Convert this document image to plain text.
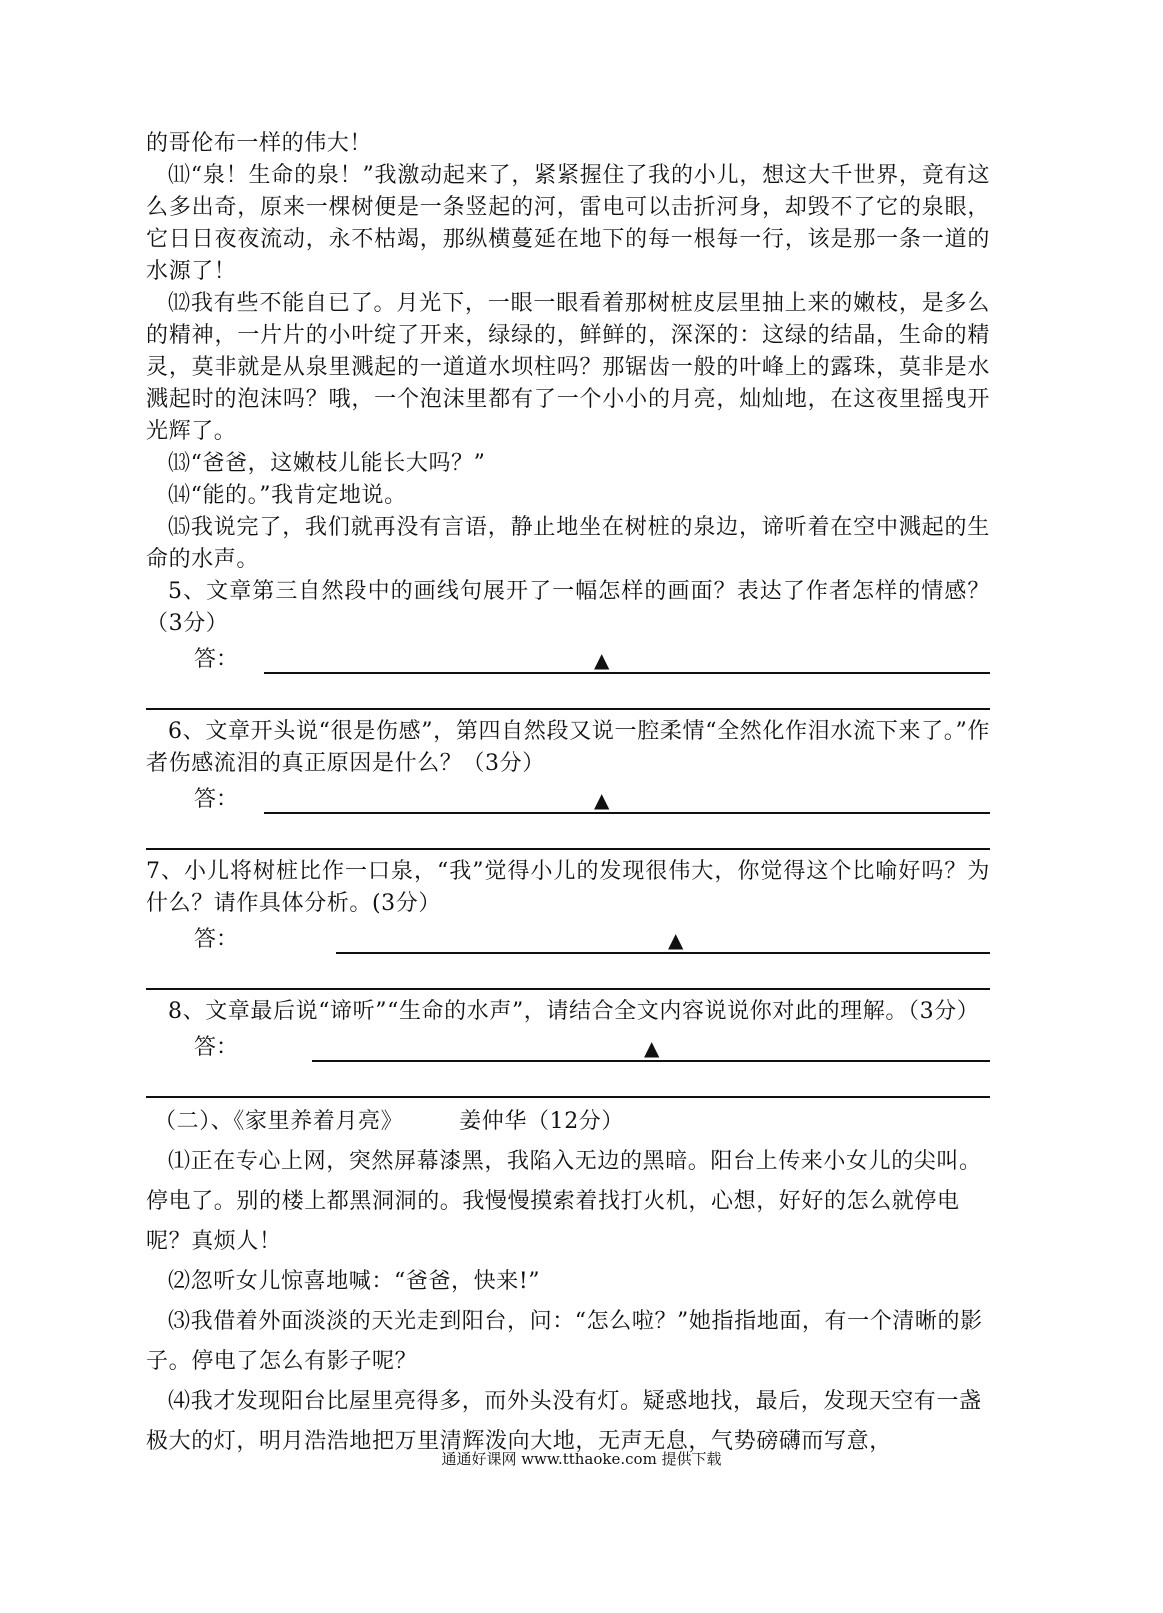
的哥伦布一样的伟大！

⑾“泉！生命的泉！”我激动起来了，紧紧握住了我的小儿，想这大千世界，竟有这么多出奇，原来一棵树便是一条竖起的河，雷电可以击折河身，却毁不了它的泉眼，它日日夜夜流动，永不枯竭，那纵横蔓延在地下的每一根每一行，该是那一条一道的水源了！

⑿我有些不能自已了。月光下，一眼一眼看着那树桩皮层里抽上来的嫩枝，是多么的精神，一片片的小叶绽了开来，绿绿的，鲜鲜的，深深的：这绿的结晶，生命的精灵，莫非就是从泉里溅起的一道道水坝柱吗？那锯齿一般的叶峰上的露珠，莫非是水溅起时的泡沫吗？哦，一个泡沫里都有了一个小小的月亮，灿灿地，在这夜里摇曳开光辉了。

⒀“爸爸，这嫩枝儿能长大吗？”

⒁“能的。”我肯定地说。

⒂我说完了，我们就再没有言语，静止地坐在树桩的泉边，谛听着在空中溅起的生命的水声。

5、文章第三自然段中的画线句展开了一幅怎样的画面？表达了作者怎样的情感？（3分）

答：	▲

6、文章开头说“很是伤感”，第四自然段又说一腔柔情“全然化作泪水流下来了。”作者伤感流泪的真正原因是什么？（3分）

答：	▲

7、小儿将树桩比作一口泉，“我”觉得小儿的发现很伟大，你觉得这个比喻好吗？为什么？请作具体分析。(3分）

答：	▲

8、文章最后说“谛听”“生命的水声”，请结合全文内容说说你对此的理解。（3分）

答：	▲

（二）、《家里养着月亮》	姜仲华（12分）

⑴正在专心上网，突然屏幕漆黑，我陷入无边的黑暗。阳台上传来小女儿的尖叫。停电了。别的楼上都黑洞洞的。我慢慢摸索着找打火机，心想，好好的怎么就停电呢？真烦人！

⑵忽听女儿惊喜地喊：“爸爸，快来!”

⑶我借着外面淡淡的天光走到阳台，问：“怎么啦？”她指指地面，有一个清晰的影子。停电了怎么有影子呢？

⑷我才发现阳台比屋里亮得多，而外头没有灯。疑惑地找，最后，发现天空有一盏极大的灯，明月浩浩地把万里清辉泼向大地，无声无息，气势磅礴而写意，

通通好课网 www.tthaoke.com 提供下载
